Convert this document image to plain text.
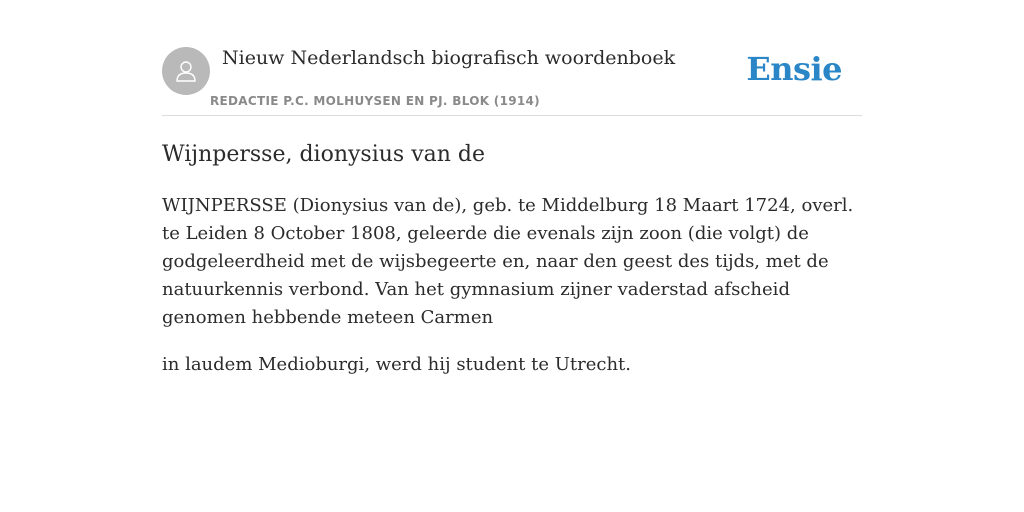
Nieuw Nederlandsch biografisch woordenboek
REDACTIE P.C. MOLHUYSEN EN PJ. BLOK (1914)
Ensie
Wijnpersse, dionysius van de

WIJNPERSSE (Dionysius van de), geb. te Middelburg 18 Maart 1724, overl. te Leiden 8 October 1808, geleerde die evenals zijn zoon (die volgt) de godgeleerdheid met de wijsbegeerte en, naar den geest des tijds, met de natuurkennis verbond. Van het gymnasium zijner vaderstad afscheid genomen hebbende meteen Carmen

in laudem Medioburgi, werd hij student te Utrecht.
